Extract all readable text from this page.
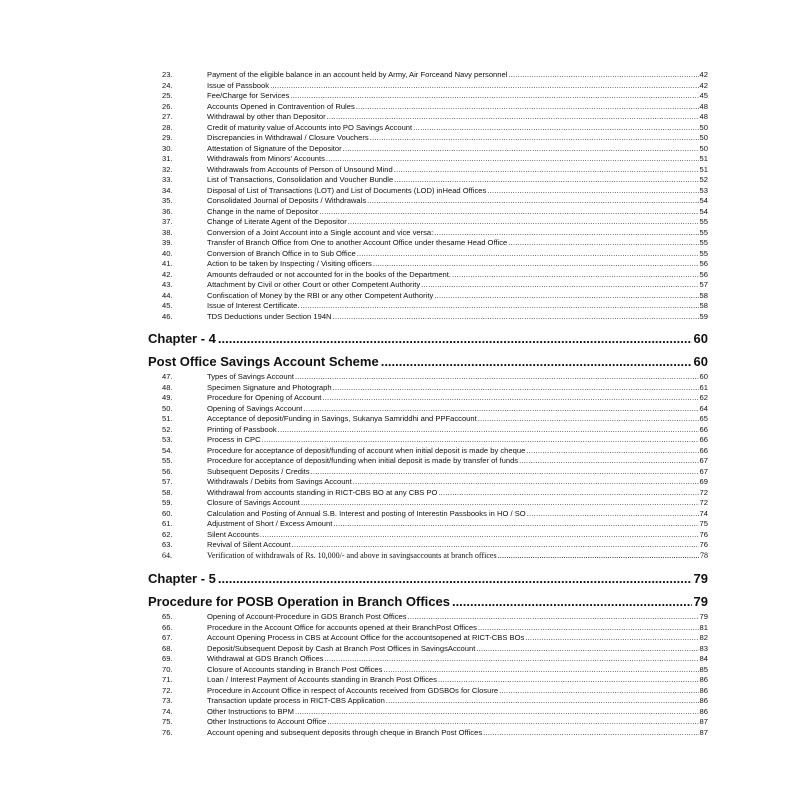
23.	Payment of the eligible balance in an account held by Army, Air Forceand Navy personnel .....	42
24.	Issue of Passbook .....	42
25.	Fee/Charge for Services .....	45
26.	Accounts Opened in Contravention of Rules .....	48
27.	Withdrawal by other than Depositor .....	48
28.	Credit of maturity value of Accounts into PO Savings Account .....	50
29.	Discrepancies in Withdrawal / Closure Vouchers .....	50
30.	Attestation of Signature of the Depositor .....	50
31.	Withdrawals from Minors' Accounts .....	51
32.	Withdrawals from Accounts of Person of Unsound Mind .....	51
33.	List of Transactions, Consolidation and Voucher Bundle .....	52
34.	Disposal of List of Transactions (LOT) and List of Documents (LOD) inHead Offices .....	53
35.	Consolidated Journal of Deposits / Withdrawals .....	54
36.	Change in the name of Depositor .....	54
37.	Change of Literate Agent of the Depositor .....	55
38.	Conversion of a Joint Account into a Single account and vice versa: .....	55
39.	Transfer of Branch Office from One to another Account Office under thesame Head Office .....	55
40.	Conversion of Branch Office in to Sub Office .....	55
41.	Action to be taken by Inspecting / Visiting officers .....	56
42.	Amounts defrauded or not accounted for in the books of the Department. .....	56
43.	Attachment by Civil or other Court or other Competent Authority .....	57
44.	Confiscation of Money by the RBI or any other Competent Authority .....	58
45.	Issue of Interest Certificate. .....	58
46.	TDS Deductions under Section 194N .....	59
Chapter - 4 .....	60
Post Office Savings Account Scheme .....	60
47.	Types of Savings Account .....	60
48.	Specimen Signature and Photograph .....	61
49.	Procedure for Opening of Account .....	62
50.	Opening of Savings Account .....	64
51.	Acceptance of deposit/Funding in Savings, Sukanya Samriddhi and PPFaccount .....	65
52.	Printing of Passbook .....	66
53.	Process in CPC .....	66
54.	Procedure for acceptance of deposit/funding of account when initial deposit is made by cheque .....	66
55.	Procedure for acceptance of deposit/funding when initial deposit is made by transfer of funds .....	67
56.	Subsequent Deposits / Credits .....	67
57.	Withdrawals / Debits from Savings Account .....	69
58.	Withdrawal from accounts standing in RICT-CBS BO at any CBS PO .....	72
59.	Closure of Savings Account .....	72
60.	Calculation and Posting of Annual S.B. Interest and posting of Interestin Passbooks in HO / SO .....	74
61.	Adjustment of Short / Excess Amount .....	75
62.	Silent Accounts .....	76
63.	Revival of Silent Account .....	76
64.	Verification of withdrawals of Rs. 10,000/- and above in savingsaccounts at branch offices .....	78
Chapter - 5 .....	79
Procedure for POSB Operation in Branch Offices .....	79
65.	Opening of Account-Procedure in GDS Branch Post Offices .....	79
66.	Procedure in the Account Office for accounts opened at their BranchPost Offices .....	81
67.	Account Opening Process in CBS at Account Office for the accountsopened at RICT-CBS BOs .....	82
68.	Deposit/Subsequent Deposit by Cash at Branch Post Offices in SavingsAccount .....	83
69.	Withdrawal at GDS Branch Offices .....	84
70.	Closure of Accounts standing in Branch Post Offices .....	85
71.	Loan / Interest Payment of Accounts standing in Branch Post Offices .....	86
72.	Procedure in Account Office in respect of Accounts received from GDSBOs for Closure .....	86
73.	Transaction update process in RICT-CBS Application .....	86
74.	Other Instructions to BPM .....	86
75.	Other Instructions to Account Office .....	87
76.	Account opening and subsequent deposits through cheque in Branch Post Offices .....	87
